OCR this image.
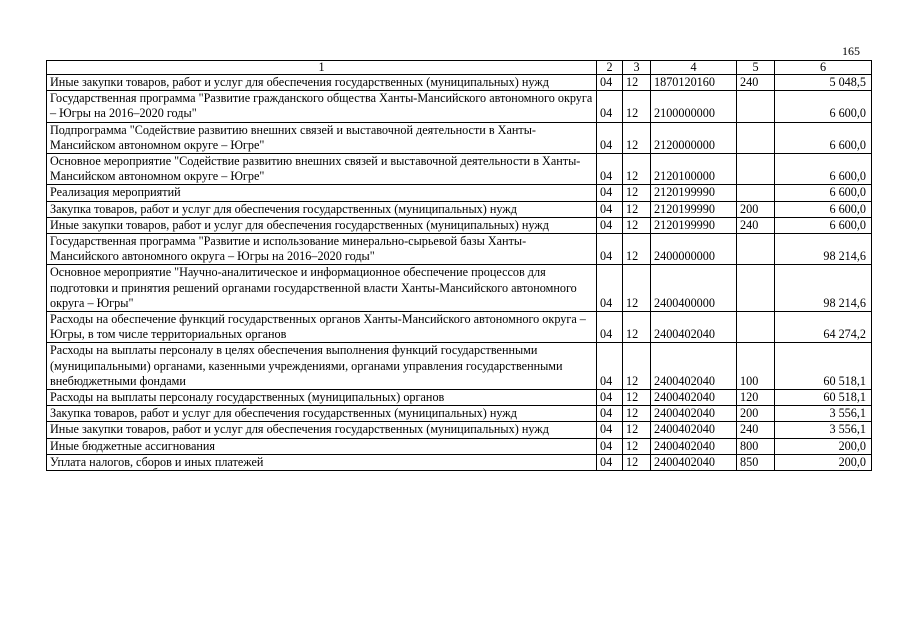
165
1	2	3	4	5	6
Иные закупки товаров, работ и услуг для обеспечения государственных (муниципальных) нужд	04	12	1870120160	240	5 048,5
Государственная программа "Развитие гражданского общества Ханты-Мансийского автономного округа – Югры на 2016–2020 годы"	04	12	2100000000		6 600,0
Подпрограмма "Содействие развитию внешних связей и выставочной деятельности в Ханты-Мансийском автономном округе – Югре"	04	12	2120000000		6 600,0
Основное мероприятие "Содействие развитию внешних связей и выставочной деятельности в Ханты-Мансийском автономном округе – Югре"	04	12	2120100000		6 600,0
Реализация мероприятий	04	12	2120199990		6 600,0
Закупка товаров, работ и услуг для обеспечения государственных (муниципальных) нужд	04	12	2120199990	200	6 600,0
Иные закупки товаров, работ и услуг для обеспечения государственных (муниципальных) нужд	04	12	2120199990	240	6 600,0
Государственная программа "Развитие и использование минерально-сырьевой базы Ханты-Мансийского автономного округа – Югры на 2016–2020 годы"	04	12	2400000000		98 214,6
Основное мероприятие "Научно-аналитическое и информационное обеспечение процессов для подготовки и принятия решений органами государственной власти Ханты-Мансийского автономного округа – Югры"	04	12	2400400000		98 214,6
Расходы на обеспечение функций государственных органов Ханты-Мансийского автономного округа – Югры, в том числе территориальных органов	04	12	2400402040		64 274,2
Расходы на выплаты персоналу в целях обеспечения выполнения функций государственными (муниципальными) органами, казенными учреждениями, органами управления государственными внебюджетными фондами	04	12	2400402040	100	60 518,1
Расходы на выплаты персоналу государственных (муниципальных) органов	04	12	2400402040	120	60 518,1
Закупка товаров, работ и услуг для обеспечения государственных (муниципальных) нужд	04	12	2400402040	200	3 556,1
Иные закупки товаров, работ и услуг для обеспечения государственных (муниципальных) нужд	04	12	2400402040	240	3 556,1
Иные бюджетные ассигнования	04	12	2400402040	800	200,0
Уплата налогов, сборов и иных платежей	04	12	2400402040	850	200,0
